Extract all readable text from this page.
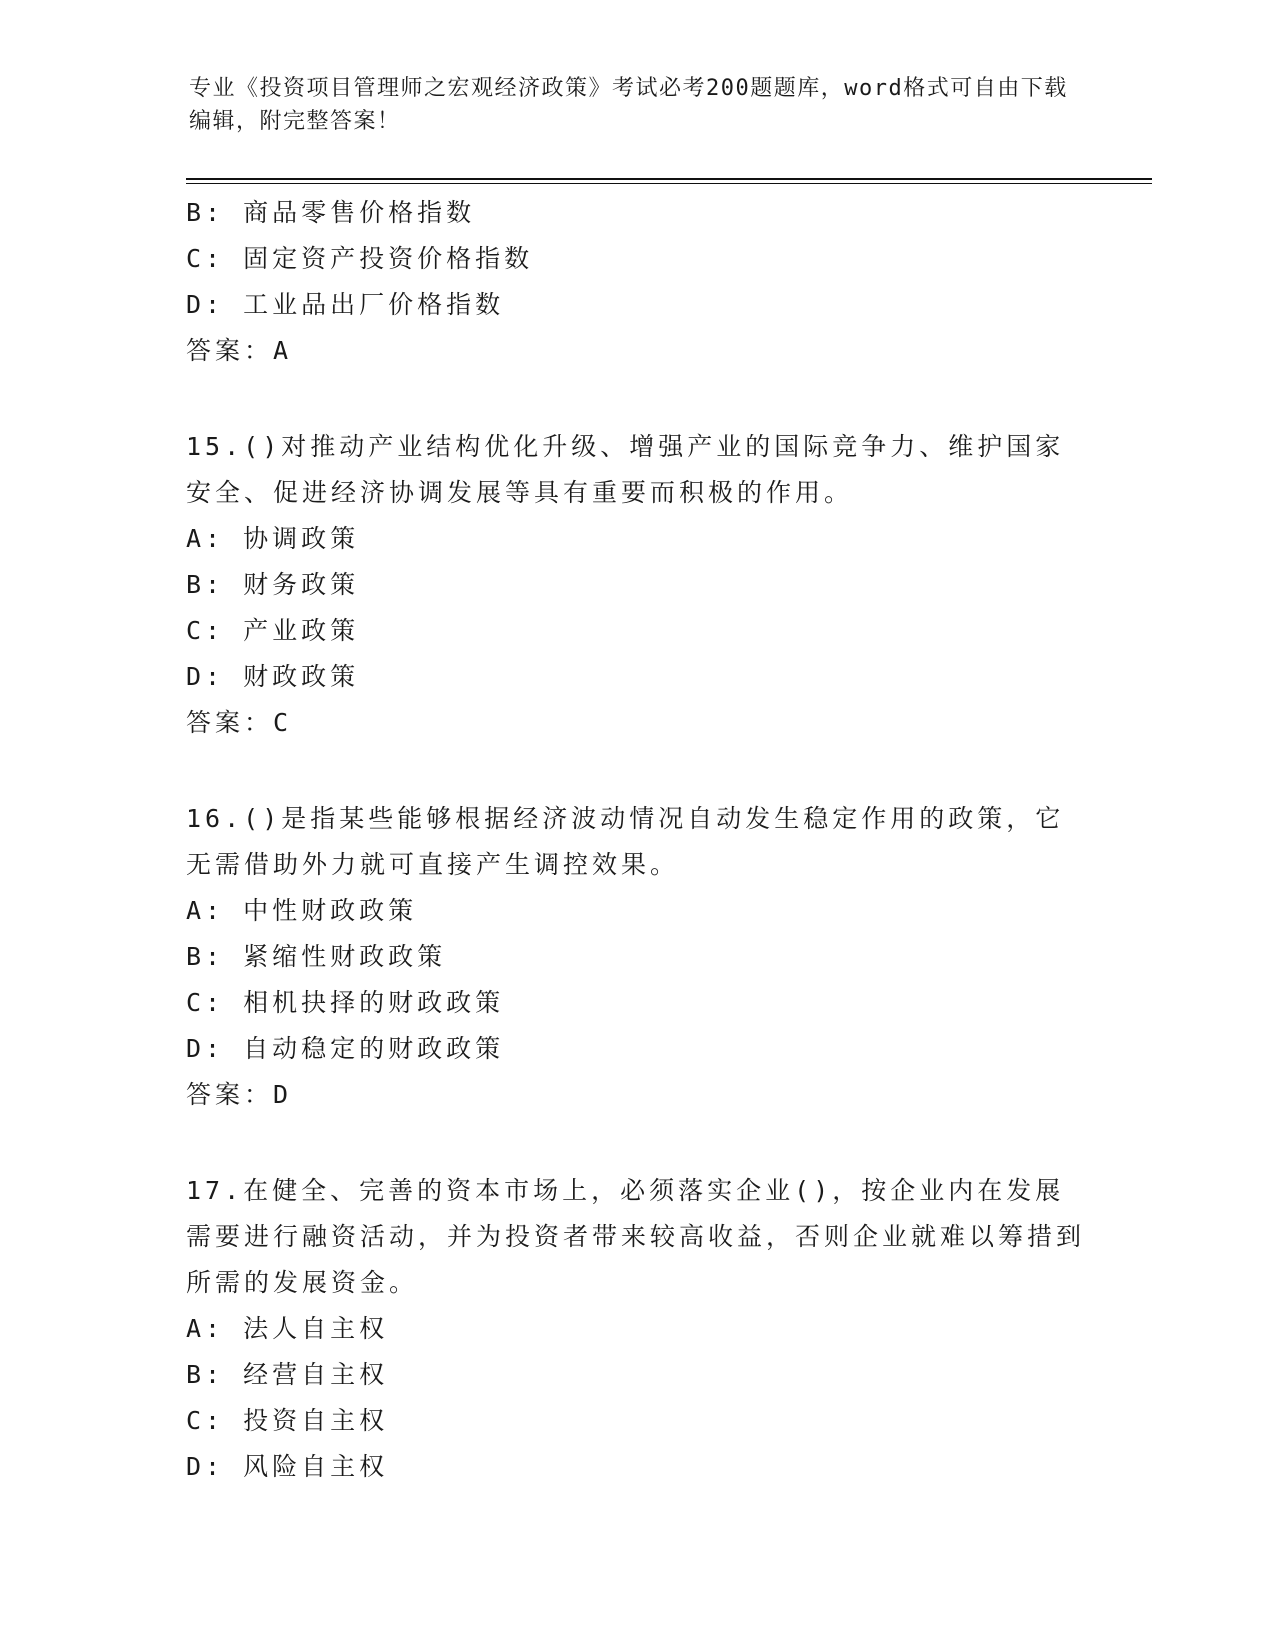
专业《投资项目管理师之宏观经济政策》考试必考200题题库，word格式可自由下载编辑，附完整答案！
B: 商品零售价格指数
C: 固定资产投资价格指数
D: 工业品出厂价格指数
答案：A
15.()对推动产业结构优化升级、增强产业的国际竞争力、维护国家安全、促进经济协调发展等具有重要而积极的作用。
A: 协调政策
B: 财务政策
C: 产业政策
D: 财政政策
答案：C
16.()是指某些能够根据经济波动情况自动发生稳定作用的政策，它无需借助外力就可直接产生调控效果。
A: 中性财政政策
B: 紧缩性财政政策
C: 相机抉择的财政政策
D: 自动稳定的财政政策
答案：D
17.在健全、完善的资本市场上，必须落实企业()，按企业内在发展需要进行融资活动，并为投资者带来较高收益，否则企业就难以筹措到所需的发展资金。
A: 法人自主权
B: 经营自主权
C: 投资自主权
D: 风险自主权
